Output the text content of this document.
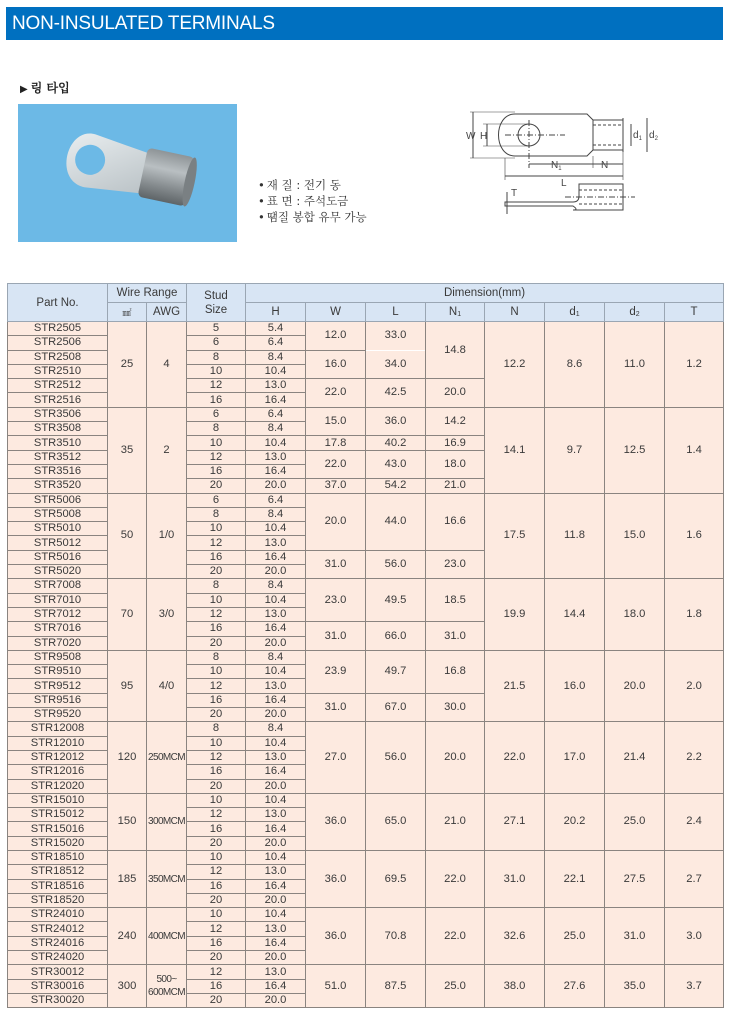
NON-INSULATED TERMINALS
▶ 링 타입
• 재 질 : 전기 동
• 표 면 : 주석도금
• 땜질 봉합 유무 가능
W H
$N_1$	N
L
$d_1$ $d_2$
T
Part No.	Wire Range		Stud
Size	Dimension(mm)							
	㎟	AWG		H	W	L	$N_1$	N	$d_1$	$d_2$	T
STR2505	25	4	5	5.4	12.0	33.0	14.8	12.2	8.6	11.0	1.2
STR2506			6	6.4							
STR2508			8	8.4	16.0	34.0					
STR2510			10	10.4							
STR2512			12	13.0	22.0	42.5	20.0				
STR2516			16	16.4							
STR3506	35	2	6	6.4	15.0	36.0	14.2	14.1	9.7	12.5	1.4
STR3508			8	8.4							
STR3510			10	10.4	17.8	40.2	16.9				
STR3512			12	13.0	22.0	43.0	18.0				
STR3516			16	16.4							
STR3520			20	20.0	37.0	54.2	21.0				
STR5006	50	1/0	6	6.4	20.0	44.0	16.6	17.5	11.8	15.0	1.6
STR5008			8	8.4							
STR5010			10	10.4							
STR5012			12	13.0							
STR5016			16	16.4	31.0	56.0	23.0				
STR5020			20	20.0							
STR7008	70	3/0	8	8.4	23.0	49.5	18.5	19.9	14.4	18.0	1.8
STR7010			10	10.4							
STR7012			12	13.0							
STR7016			16	16.4	31.0	66.0	31.0				
STR7020			20	20.0							
STR9508	95	4/0	8	8.4	23.9	49.7	16.8	21.5	16.0	20.0	2.0
STR9510			10	10.4							
STR9512			12	13.0							
STR9516			16	16.4	31.0	67.0	30.0				
STR9520			20	20.0							
STR12008	120	250MCM	8	8.4	27.0	56.0	20.0	22.0	17.0	21.4	2.2
STR12010			10	10.4							
STR12012			12	13.0							
STR12016			16	16.4							
STR12020			20	20.0							
STR15010	150	300MCM	10	10.4	36.0	65.0	21.0	27.1	20.2	25.0	2.4
STR15012			12	13.0							
STR15016			16	16.4							
STR15020			20	20.0							
STR18510	185	350MCM	10	10.4	36.0	69.5	22.0	31.0	22.1	27.5	2.7
STR18512			12	13.0							
STR18516			16	16.4							
STR18520			20	20.0							
STR24010	240	400MCM	10	10.4	36.0	70.8	22.0	32.6	25.0	31.0	3.0
STR24012			12	13.0							
STR24016			16	16.4							
STR24020			20	20.0							
STR30012	300	500~
600MCM	12	13.0	51.0	87.5	25.0	38.0	27.6	35.0	3.7
STR30016			16	16.4							
STR30020			20	20.0							
